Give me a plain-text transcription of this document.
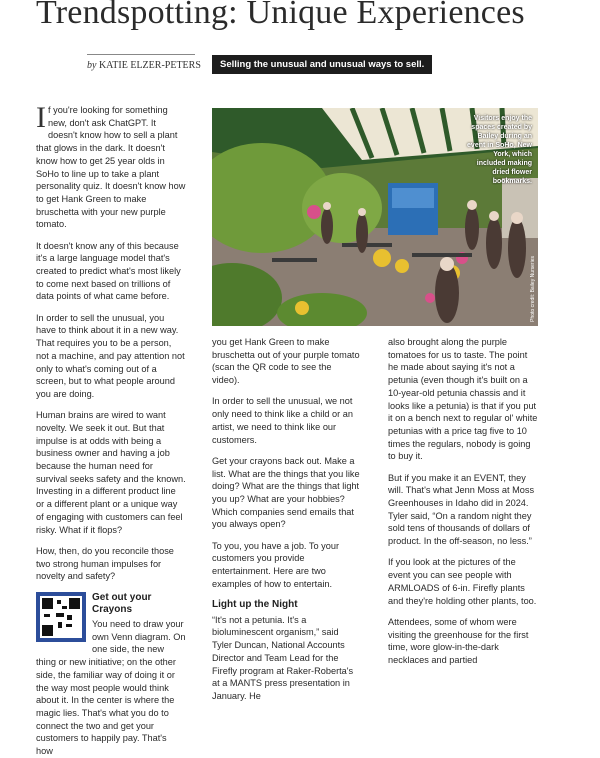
Trendspotting: Unique Experiences
by KATIE ELZER-PETERS	Selling the unusual and unusual ways to sell.

If you're looking for something new, don't ask ChatGPT. It doesn't know how to sell a plant that glows in the dark. It doesn't know how to get 25 year olds in SoHo to line up to take a plant personality quiz. It doesn't know how to get Hank Green to make bruschetta with your new purple tomato.

It doesn't know any of this because it's a large language model that's created to predict what's most likely to come next based on trillions of data points of what came before.

In order to sell the unusual, you have to think about it in a new way. That requires you to be a person, not a machine, and pay attention not only to what's coming out of a screen, but to what people around you are doing.

Human brains are wired to want novelty. We seek it out. But that impulse is at odds with being a business owner and having a job because the human need for survival seeks safety and the known. Investing in a different product line or a different plant or a unique way of engaging with customers can feel risky. What if it flops?

How, then, do you reconcile those two strong human impulses for novelty and safety?

Get out your Crayons
You need to draw your own Venn diagram. On one side, the new thing or new initiative; on the other side, the familiar way of doing it or the way most people would think about it. In the center is where the magic lies. That's what you do to connect the two and get your customers to happily pay. That's how
Visitors enjoy the spaces created by Bailey during an event in SoHo, New York, which included making dried flower bookmarks.
Photo credit: Bailey Nurseries

you get Hank Green to make bruschetta out of your purple tomato (scan the QR code to see the video).

In order to sell the unusual, we not only need to think like a child or an artist, we need to think like our customers.

Get your crayons back out. Make a list. What are the things that you like doing? What are the things that light you up? What are your hobbies? Which companies send emails that you always open?

To you, you have a job. To your customers you provide entertainment. Here are two examples of how to entertain.

Light up the Night

“It's not a petunia. It's a bioluminescent organism,” said Tyler Duncan, National Accounts Director and Team Lead for the Firefly program at Raker-Roberta's at a MANTS press presentation in January. He

also brought along the purple tomatoes for us to taste. The point he made about saying it's not a petunia (even though it's built on a 10-year-old petunia chassis and it looks like a petunia) is that if you put it on a bench next to regular ol' white petunias with a price tag five to 10 times the regulars, nobody is going to buy it.

But if you make it an EVENT, they will. That's what Jenn Moss at Moss Greenhouses in Idaho did in 2024. Tyler said, “On a random night they sold tens of thousands of dollars of product. In the off-season, no less.”

If you look at the pictures of the event you can see people with ARMLOADS of 6-in. Firefly plants and they're holding other plants, too.

Attendees, some of whom were visiting the greenhouse for the first time, wore glow-in-the-dark necklaces and partied
